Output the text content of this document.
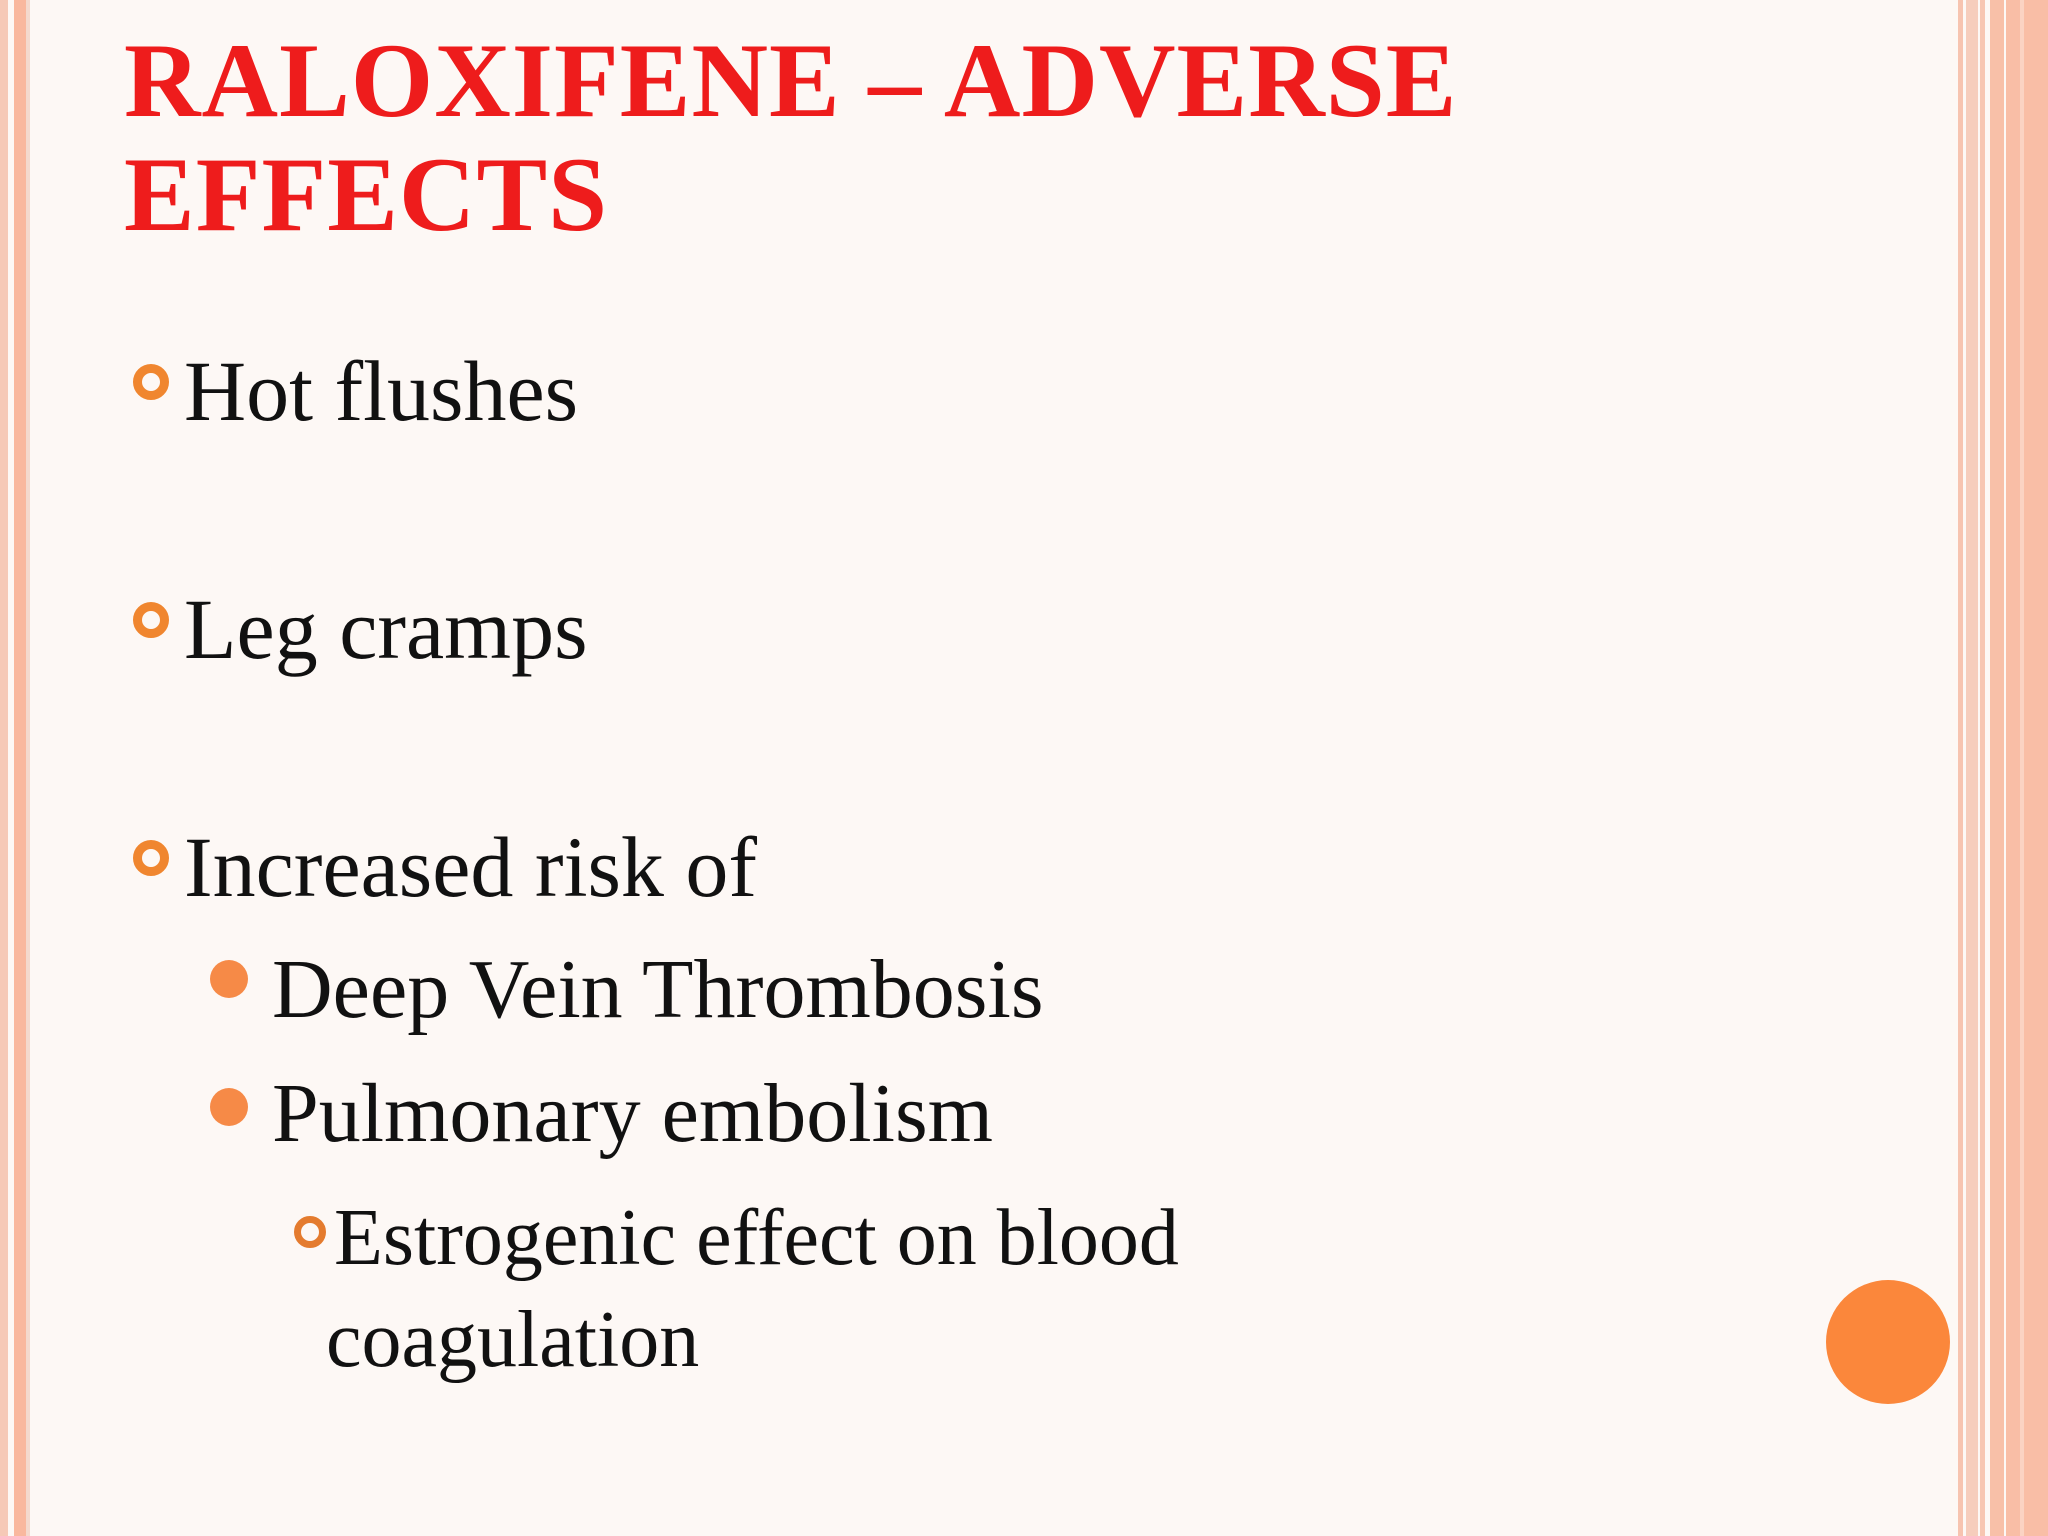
RALOXIFENE – ADVERSE
EFFECTS
Hot flushes
Leg cramps
Increased risk of
Deep Vein Thrombosis
Pulmonary embolism
Estrogenic effect on blood
coagulation
